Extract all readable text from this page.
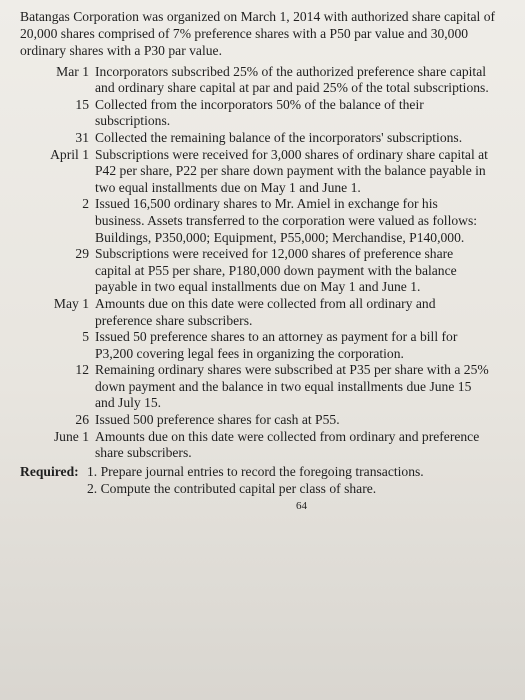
Batangas Corporation was organized on March 1, 2014 with authorized share capital of 20,000 shares comprised of 7% preference shares with a P50 par value and 30,000 ordinary shares with a P30 par value.

Mar 1 Incorporators subscribed 25% of the authorized preference share capital and ordinary share capital at par and paid 25% of the total subscriptions.
15 Collected from the incorporators 50% of the balance of their subscriptions.
31 Collected the remaining balance of the incorporators' subscriptions.
April 1 Subscriptions were received for 3,000 shares of ordinary share capital at P42 per share, P22 per share down payment with the balance payable in two equal installments due on May 1 and June 1.
2 Issued 16,500 ordinary shares to Mr. Amiel in exchange for his business. Assets transferred to the corporation were valued as follows: Buildings, P350,000; Equipment, P55,000; Merchandise, P140,000.
29 Subscriptions were received for 12,000 shares of preference share capital at P55 per share, P180,000 down payment with the balance payable in two equal installments due on May 1 and June 1.
May 1 Amounts due on this date were collected from all ordinary and preference share subscribers.
5 Issued 50 preference shares to an attorney as payment for a bill for P3,200 covering legal fees in organizing the corporation.
12 Remaining ordinary shares were subscribed at P35 per share with a 25% down payment and the balance in two equal installments due June 15 and July 15.
26 Issued 500 preference shares for cash at P55.
June 1 Amounts due on this date were collected from ordinary and preference share subscribers.
Required: 1. Prepare journal entries to record the foregoing transactions.
2. Compute the contributed capital per class of share.
64
